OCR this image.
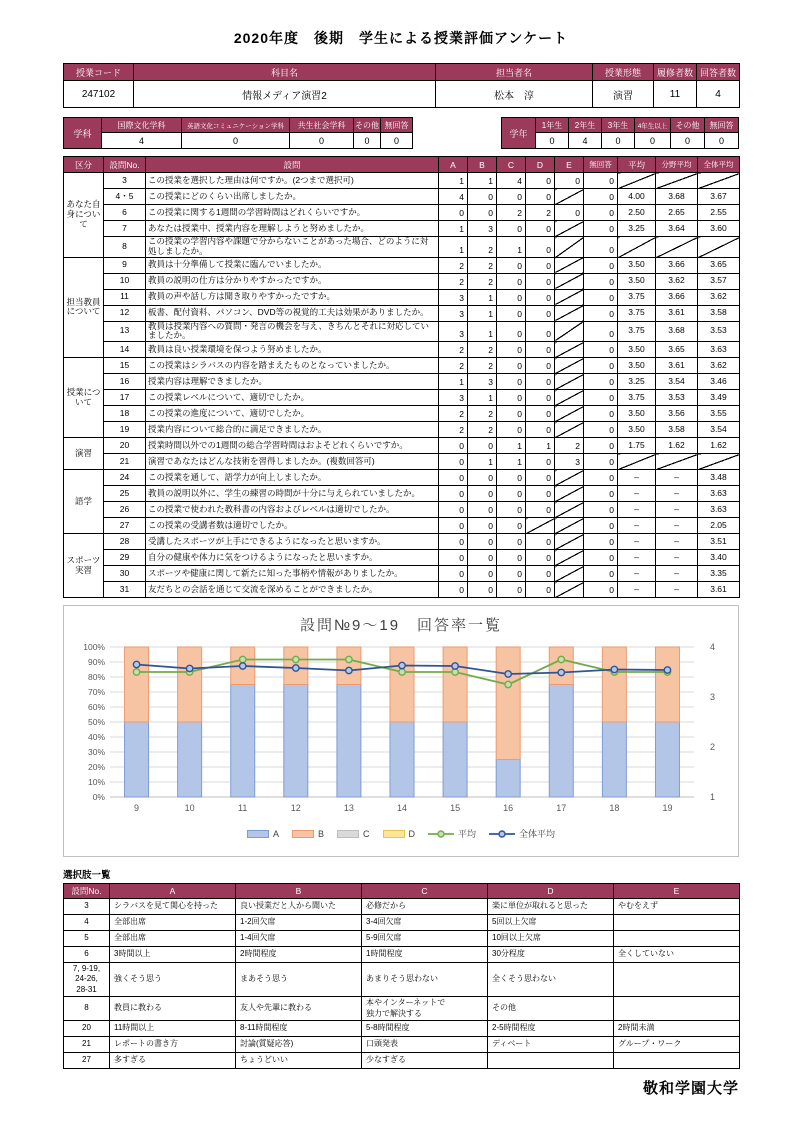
2020年度　後期　学生による授業評価アンケート
授業コード	科目名	担当者名	授業形態	履修者数	回答者数
247102	情報メディア演習2	松本　淳	演習	11	4
学科	国際文化学科	英語文化コミュニケーション学科	共生社会学科	その他	無回答
	4	0	0	0	0
学年	1年生	2年生	3年生	4年生以上	その他	無回答
	0	4	0	0	0	0
区分	設問No.	設問	A	B	C	D	E	無回答	平均	分野平均	全体平均
あなた自身について	3	この授業を選択した理由は何ですか。(2つまで選択可)	1	1	4	0	0	0			
	4・5	この授業にどのくらい出席しましたか。	4	0	0	0		0	4.00	3.68	3.67
	6	この授業に関する1週間の学習時間はどれくらいですか。	0	0	2	2	0	0	2.50	2.65	2.55
	7	あなたは授業中、授業内容を理解しようと努めましたか。	1	3	0	0		0	3.25	3.64	3.60
	8	この授業の学習内容や課題で分からないことがあった場合、どのように対処しましたか。	1	2	1	0		0			
担当教員について	9	教員は十分準備して授業に臨んでいましたか。	2	2	0	0		0	3.50	3.66	3.65
	10	教員の説明の仕方は分かりやすかったですか。	2	2	0	0		0	3.50	3.62	3.57
	11	教員の声や話し方は聞き取りやすかったですか。	3	1	0	0		0	3.75	3.66	3.62
	12	板書、配付資料、パソコン、DVD等の視覚的工夫は効果がありましたか。	3	1	0	0		0	3.75	3.61	3.58
	13	教員は授業内容への質問・発言の機会を与え、きちんとそれに対応していましたか。	3	1	0	0		0	3.75	3.68	3.53
	14	教員は良い授業環境を保つよう努めましたか。	2	2	0	0		0	3.50	3.65	3.63
授業について	15	この授業はシラバスの内容を踏まえたものとなっていましたか。	2	2	0	0		0	3.50	3.61	3.62
	16	授業内容は理解できましたか。	1	3	0	0		0	3.25	3.54	3.46
	17	この授業レベルについて、適切でしたか。	3	1	0	0		0	3.75	3.53	3.49
	18	この授業の進度について、適切でしたか。	2	2	0	0		0	3.50	3.56	3.55
	19	授業内容について総合的に満足できましたか。	2	2	0	0		0	3.50	3.58	3.54
演習	20	授業時間以外での1週間の総合学習時間はおよそどれくらいですか。	0	0	1	1	2	0	1.75	1.62	1.62
	21	演習であなたはどんな技術を習得しましたか。(複数回答可)	0	1	1	0	3	0			
語学	24	この授業を通して、語学力が向上しましたか。	0	0	0	0		0	–	–	3.48
	25	教員の説明以外に、学生の練習の時間が十分に与えられていましたか。	0	0	0	0		0	–	–	3.63
	26	この授業で使われた教科書の内容およびレベルは適切でしたか。	0	0	0	0		0	–	–	3.63
	27	この授業の受講者数は適切でしたか。	0	0	0			0	–	–	2.05
スポーツ実習	28	受講したスポーツが上手にできるようになったと思いますか。	0	0	0	0		0	–	–	3.51
	29	自分の健康や体力に気をつけるようになったと思いますか。	0	0	0	0		0	–	–	3.40
	30	スポーツや健康に関して新たに知った事柄や情報がありましたか。	0	0	0	0		0	–	–	3.35
	31	友だちとの会話を通じて交流を深めることができましたか。	0	0	0	0		0	–	–	3.61
設問№9～19　回答率一覧
100%
90%
80%
70%
60%
50%
40%
30%
20%
10%
0%
4
3
2
1
9	10	11	12	13	14	15	16	17	18	19
A	B	C	D	平均	全体平均
選択肢一覧
設問No.	A	B	C	D	E
3	シラバスを見て関心を持った	良い授業だと人から聞いた	必修だから	楽に単位が取れると思った	やむをえず
4	全部出席	1-2回欠席	3-4回欠席	5回以上欠席	
5	全部出席	1-4回欠席	5-9回欠席	10回以上欠席	
6	3時間以上	2時間程度	1時間程度	30分程度	全くしていない
7, 9-19,
24-26,
28-31	強くそう思う	まあそう思う	あまりそう思わない	全くそう思わない	
8	教員に教わる	友人や先輩に教わる	本やインターネットで
独力で解決する	その他	
20	11時間以上	8-11時間程度	5-8時間程度	2-5時間程度	2時間未満
21	レポートの書き方	討論(質疑応答)	口頭発表	ディベート	グループ・ワーク
27	多すぎる	ちょうどいい	少なすぎる		
敬和学園大学
